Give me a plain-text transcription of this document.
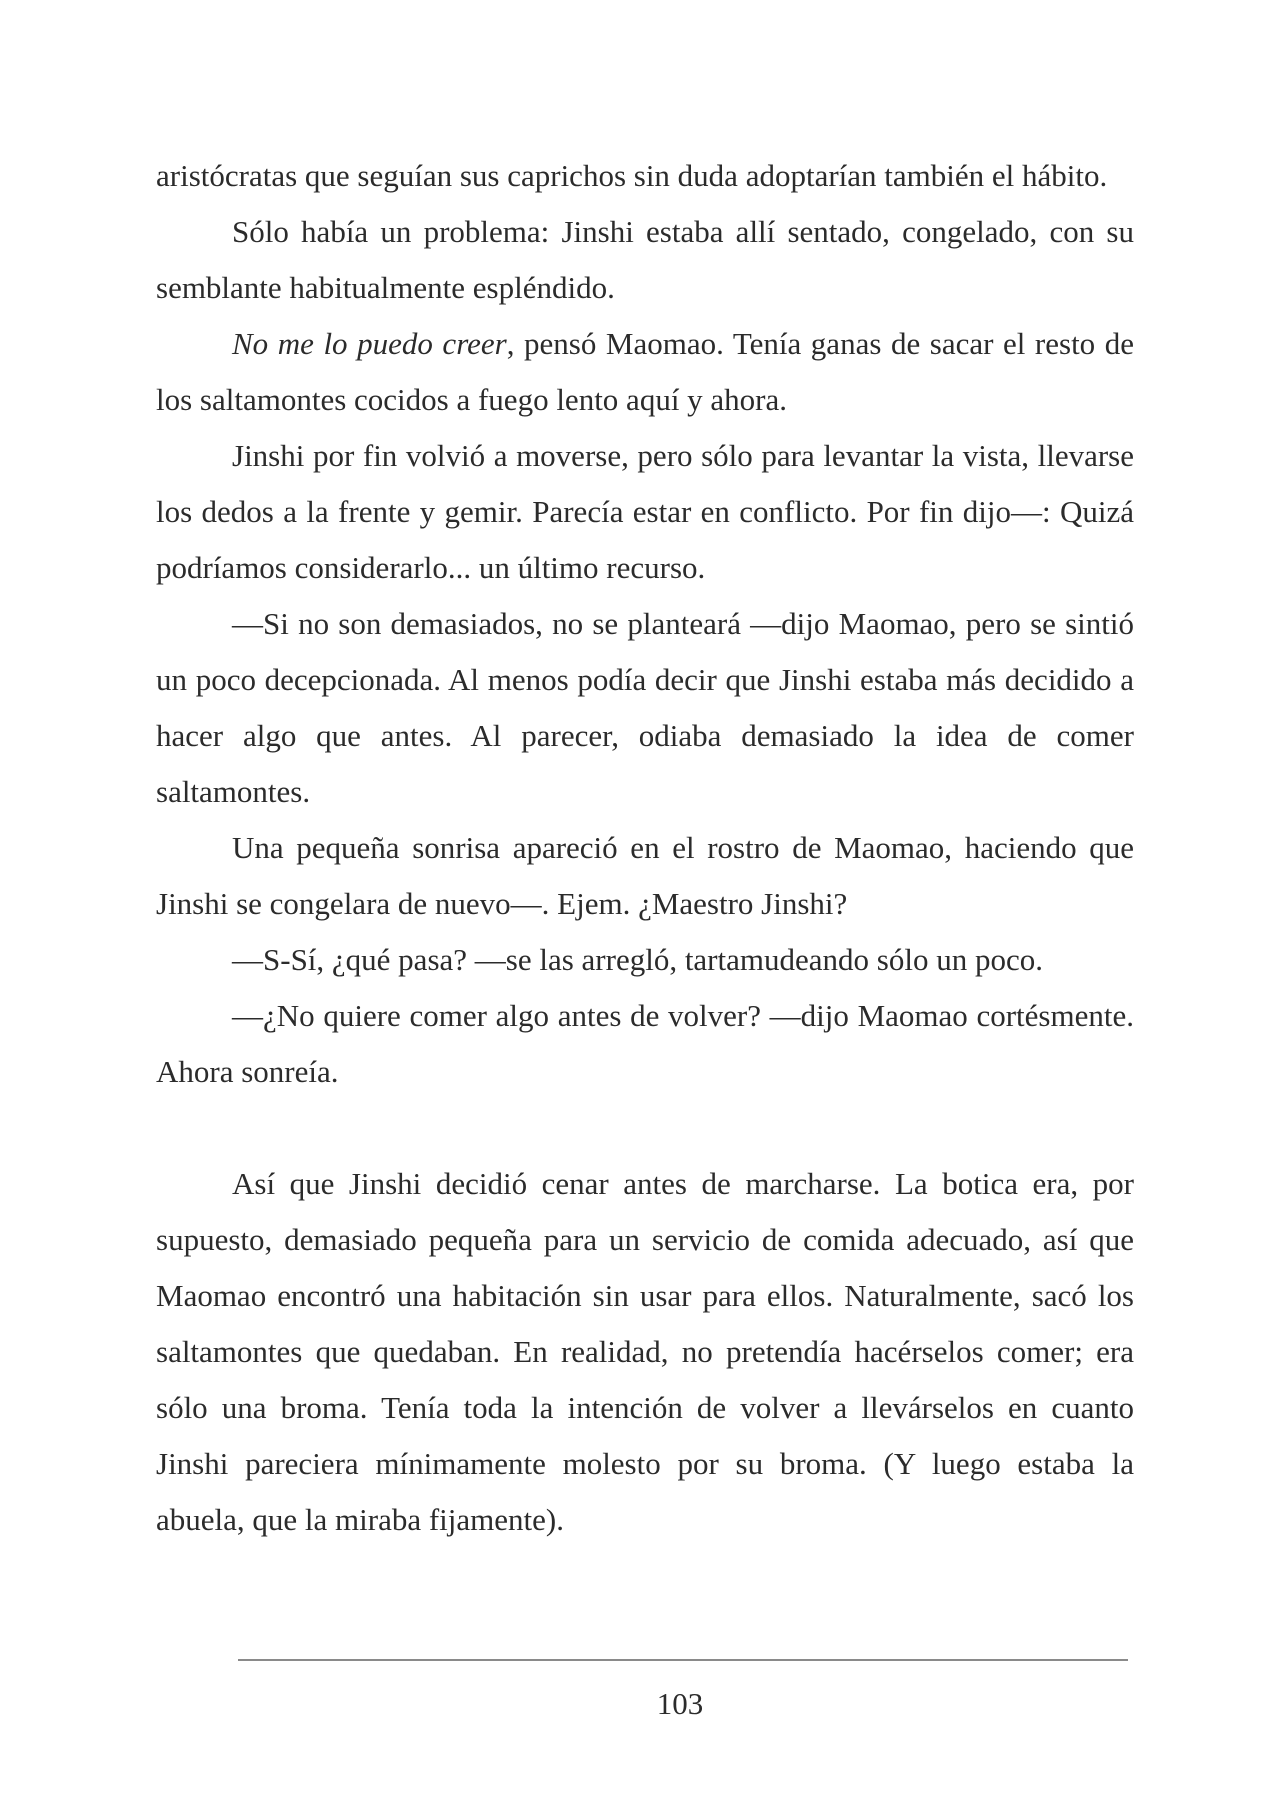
aristócratas que seguían sus caprichos sin duda adoptarían también el hábito.

Sólo había un problema: Jinshi estaba allí sentado, congelado, con su semblante habitualmente espléndido.

No me lo puedo creer, pensó Maomao. Tenía ganas de sacar el resto de los saltamontes cocidos a fuego lento aquí y ahora.

Jinshi por fin volvió a moverse, pero sólo para levantar la vista, llevarse los dedos a la frente y gemir. Parecía estar en conflicto. Por fin dijo—: Quizá podríamos considerarlo... un último recurso.

—Si no son demasiados, no se planteará —dijo Maomao, pero se sintió un poco decepcionada. Al menos podía decir que Jinshi estaba más decidido a hacer algo que antes. Al parecer, odiaba demasiado la idea de comer saltamontes.

Una pequeña sonrisa apareció en el rostro de Maomao, haciendo que Jinshi se congelara de nuevo—. Ejem. ¿Maestro Jinshi?

—S-Sí, ¿qué pasa? —se las arregló, tartamudeando sólo un poco.

—¿No quiere comer algo antes de volver? —dijo Maomao cortésmente. Ahora sonreía.

Así que Jinshi decidió cenar antes de marcharse. La botica era, por supuesto, demasiado pequeña para un servicio de comida adecuado, así que Maomao encontró una habitación sin usar para ellos. Naturalmente, sacó los saltamontes que quedaban. En realidad, no pretendía hacérselos comer; era sólo una broma. Tenía toda la intención de volver a llevárselos en cuanto Jinshi pareciera mínimamente molesto por su broma. (Y luego estaba la abuela, que la miraba fijamente).

103
